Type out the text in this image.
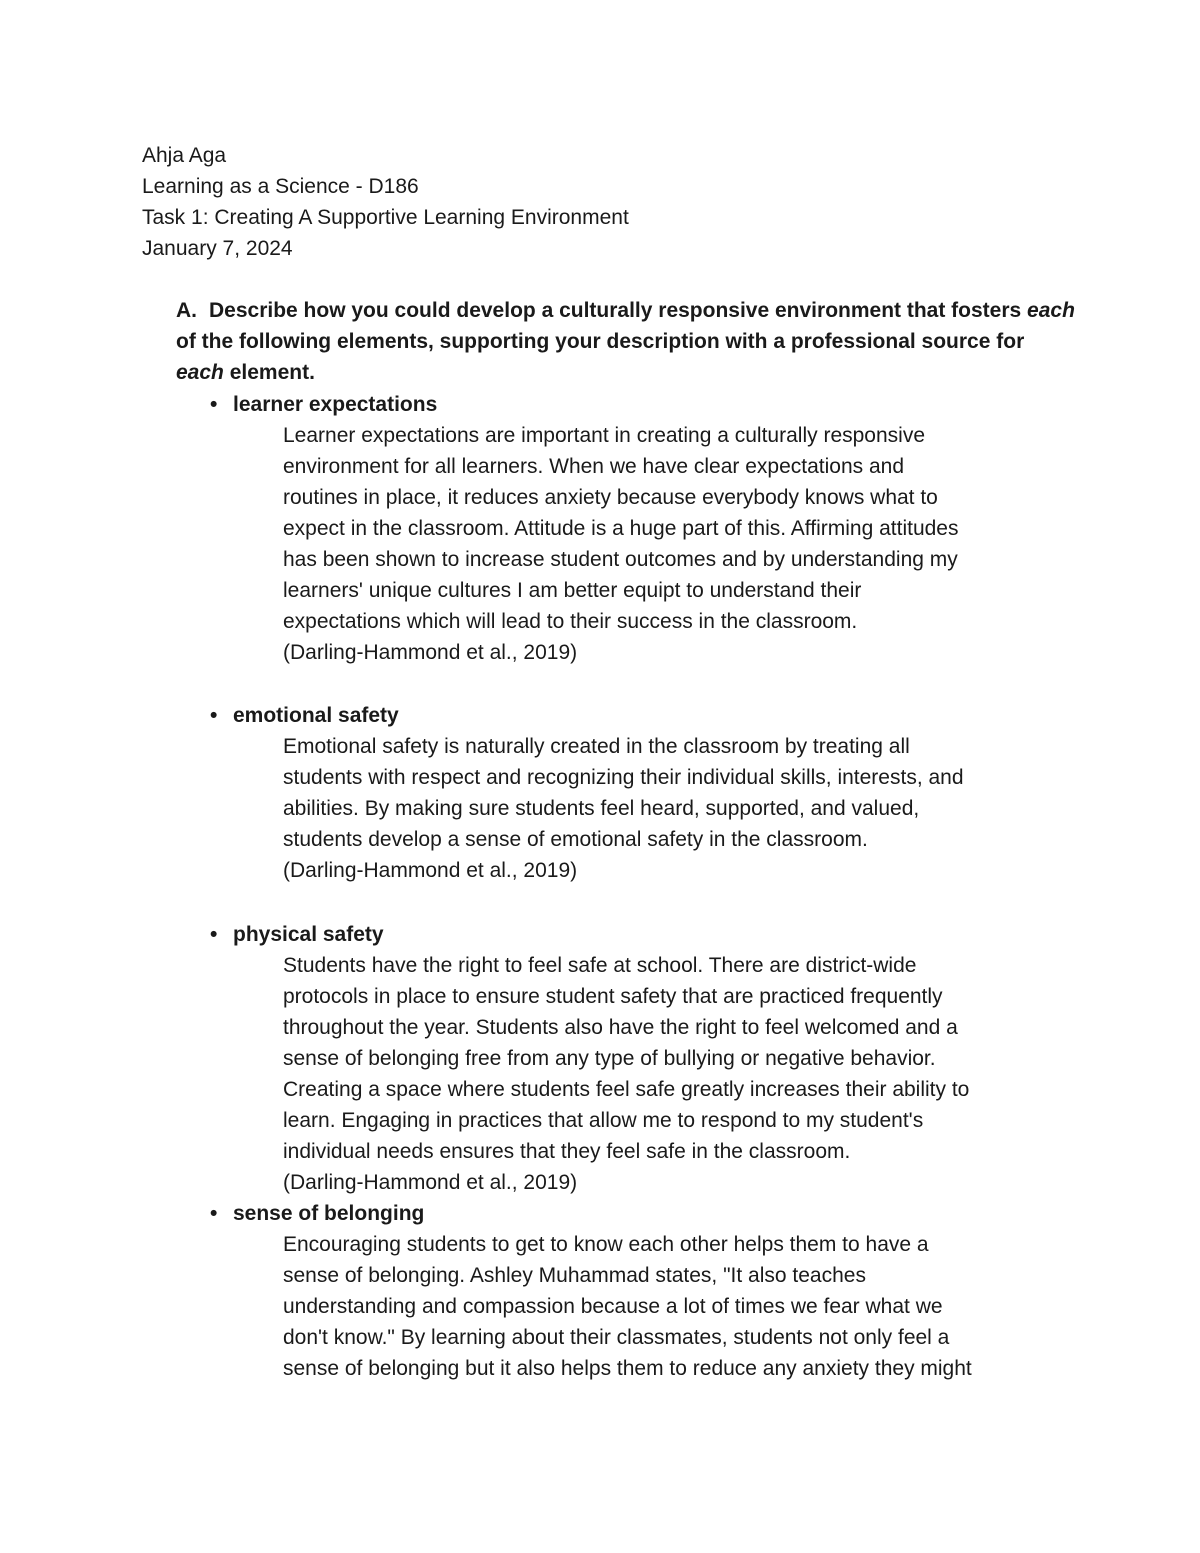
Ahja Aga
Learning as a Science - D186
Task 1: Creating A Supportive Learning Environment
January 7, 2024
A. Describe how you could develop a culturally responsive environment that fosters each of the following elements, supporting your description with a professional source for each element.
• learner expectations

Learner expectations are important in creating a culturally responsive

environment for all learners. When we have clear expectations and

routines in place, it reduces anxiety because everybody knows what to

expect in the classroom. Attitude is a huge part of this. Affirming attitudes

has been shown to increase student outcomes and by understanding my

learners' unique cultures I am better equipt to understand their

expectations which will lead to their success in the classroom.

(Darling-Hammond et al., 2019)

• emotional safety

Emotional safety is naturally created in the classroom by treating all

students with respect and recognizing their individual skills, interests, and

abilities. By making sure students feel heard, supported, and valued,

students develop a sense of emotional safety in the classroom.

(Darling-Hammond et al., 2019)

• physical safety

Students have the right to feel safe at school. There are district-wide

protocols in place to ensure student safety that are practiced frequently

throughout the year. Students also have the right to feel welcomed and a

sense of belonging free from any type of bullying or negative behavior.

Creating a space where students feel safe greatly increases their ability to

learn. Engaging in practices that allow me to respond to my student's

individual needs ensures that they feel safe in the classroom.

(Darling-Hammond et al., 2019)

• sense of belonging

Encouraging students to get to know each other helps them to have a

sense of belonging. Ashley Muhammad states, "It also teaches

understanding and compassion because a lot of times we fear what we

don't know." By learning about their classmates, students not only feel a

sense of belonging but it also helps them to reduce any anxiety they might
